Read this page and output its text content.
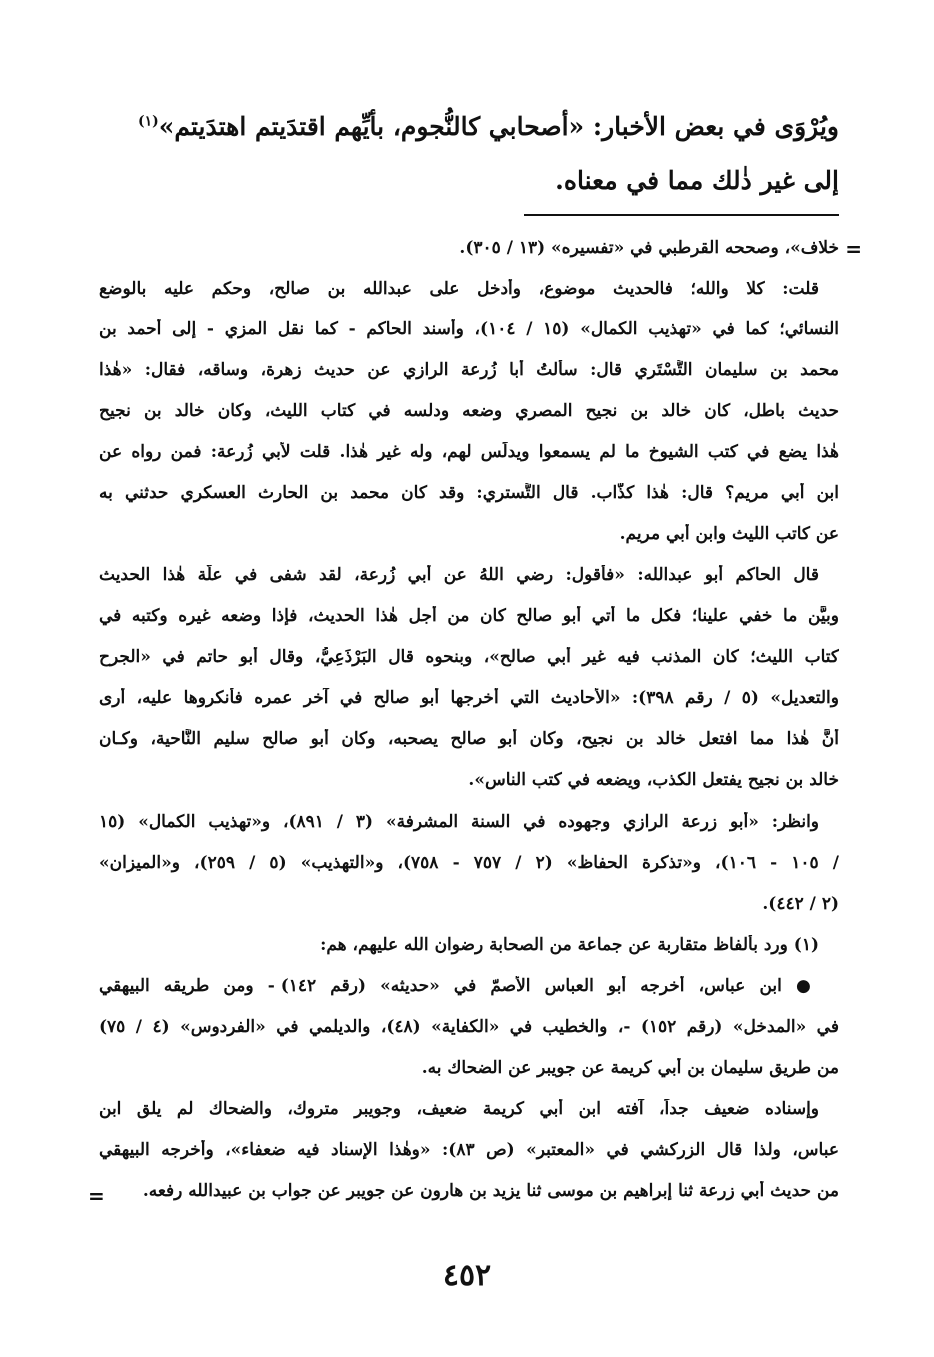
ويُرْوَى في بعض الأخبار: «أصحابي كالنُّجوم، بأيِّهم اقتدَيتم اهتدَيتم»$^{(١)}$
إلى غير ذٰلك مما في معناه.
=
خلاف»، وصححه القرطبي في «تفسيره» (١٣ / ٣٠٥).
قلت: كلا والله؛ فالحديث موضوع، وأُدخل على عبدالله بن صالح، وحكم عليه بالوضع
النسائي؛ كما في «تهذيب الكمال» (١٥ / ١٠٤)، وأسند الحاكم - كما نقل المزي - إلى أحمد بن
محمد بن سليمان التُّسْتَري قال: سألتُ أبا زُرعة الرازي عن حديث زهرة، وساقه، فقال: «هٰذا
حديث باطل، كان خالد بن نجيح المصري وضعه ودلسه في كتاب الليث، وكان خالد بن نجيح
هٰذا يضع في كتب الشيوخ ما لم يسمعوا ويدلِّس لهم، وله غير هٰذا. قلت لأبي زُرعة: فمن رواه عن
ابن أبي مريم؟ قال: هٰذا كذَّاب. قال التُّستري: وقد كان محمد بن الحارث العسكري حدثني به
عن كاتب الليث وابن أبي مريم.
قال الحاكم أبو عبدالله: «فأقول: رضي اللهُ عن أبي زُرعة، لقد شفى في علَّة هٰذا الحديث
وبيَّن ما خفي علينا؛ فكل ما أُتي أبو صالح كان من أجل هٰذا الحديث، فإذا وضعه غيره وكتبه في
كتاب الليث؛ كان المذنب فيه غير أبي صالح»، وبنحوه قال البَرْذَعِيُّ، وقال أبو حاتم في «الجرح
والتعديل» (٥ / رقم ٣٩٨): «الأحاديث التي أخرجها أبو صالح في آخر عمره فأنكروها عليه، أرى
أنَّ هٰذا مما افتعل خالد بن نجيح، وكان أبو صالح يصحبه، وكان أبو صالح سليم النَّاحية، وكـان
خالد بن نجيح يفتعل الكذب، ويضعه في كتب الناس».
وانظر: «أبو زرعة الرازي وجهوده في السنة المشرفة» (٣ / ٨٩١)، و«تهذيب الكمال» (١٥
/ ١٠٥ - ١٠٦)، و«تذكرة الحفاظ» (٢ / ٧٥٧ - ٧٥٨)، و«التهذيب» (٥ / ٢٥٩)، و«الميزان»
(٢ / ٤٤٢).
(١) ورد بألفاظ متقاربة عن جماعة من الصحابة رضوان الله عليهم، هم:
● ابن عباس، أخرجه أبو العباس الأصمّ في «حديثه» (رقم ١٤٢) - ومن طريقه البيهقي
في «المدخل» (رقم ١٥٢) -، والخطيب في «الكفاية» (٤٨)، والديلمي في «الفردوس» (٤ / ٧٥)
من طريق سليمان بن أبي كريمة عن جويبر عن الضحاك به.
وإسناده ضعيف جداً، آفته ابن أبي كريمة ضعيف، وجويبر متروك، والضحاك لم يلق ابن
عباس، ولذا قال الزركشي في «المعتبر» (ص ٨٣): «وهٰذا الإسناد فيه ضعفاء»، وأخرجه البيهقي
من حديث أبي زرعة ثنا إبراهيم بن موسى ثنا يزيد بن هارون عن جويبر عن جواب بن عبيدالله رفعه.
=
٤٥٢
